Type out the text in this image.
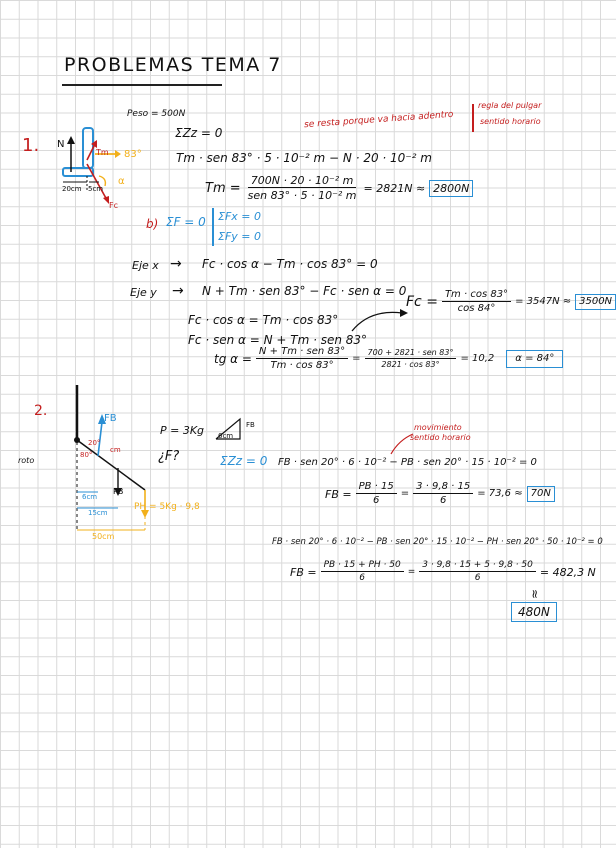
PROBLEMAS TEMA 7
1. N
Tm 83°
α
Fc
20cm 5cm
Peso = 500N
ΣZz = 0
se resta porque va hacia adentro
regla del pulgar
sentido horario
Tm · sen 83° · 5 · 10⁻² m − N · 20 · 10⁻² m
$Tm = \frac{\text{700N · 20 · 10⁻² m}}{\text{sen 83° · 5 · 10⁻² m}} = 2821N \approx 2800N$
b) ΣF = 0 ΣFx = 0
ΣFy = 0
Eje x → Fc · cos α − Tm · cos 83° = 0
Eje y → N + Tm · sen 83° − Fc · sen α = 0
Fc · cos α = Tm · cos 83°
Fc · sen α = N + Tm · sen 83°
$Fc = \frac{Tm \cdot \cos 83^\circ}{\cos 84^\circ} = 3547N \approx 3500N$
tg $\alpha = \frac{\text{N + Tm · sen 83°}}{Tm \cdot \cos 83^\circ} = \frac{\text{700 + 2821 · sen 83°}}{2821 \cdot \cos 83^\circ} = 10,2$	α = 84°
2.
roto
FB
20°
80°
cm
PB
PH = 5Kg · 9,8
6cm
15cm
50cm
P = 3Kg
¿F?
6cm
FB
ΣZz = 0
movimiento
sentido horario
FB · sen 20° · 6 · 10⁻² − PB · sen 20° · 15 · 10⁻² = 0
FB = $\frac{PB \cdot 15}{6} = \frac{3 \cdot 9,8 \cdot 15}{6} = 73,6 \approx 70N$
FB · sen 20° · 6 · 10⁻² − PB · sen 20° · 15 · 10⁻² − PH · sen 20° · 50 · 10⁻² = 0
FB = $\frac{PB \cdot 15 + PH \cdot 50}{6} = \frac{3 \cdot 9,8 \cdot 15 + 5 \cdot 9,8 \cdot 50}{6} = 482,3$ N
≈
480N
